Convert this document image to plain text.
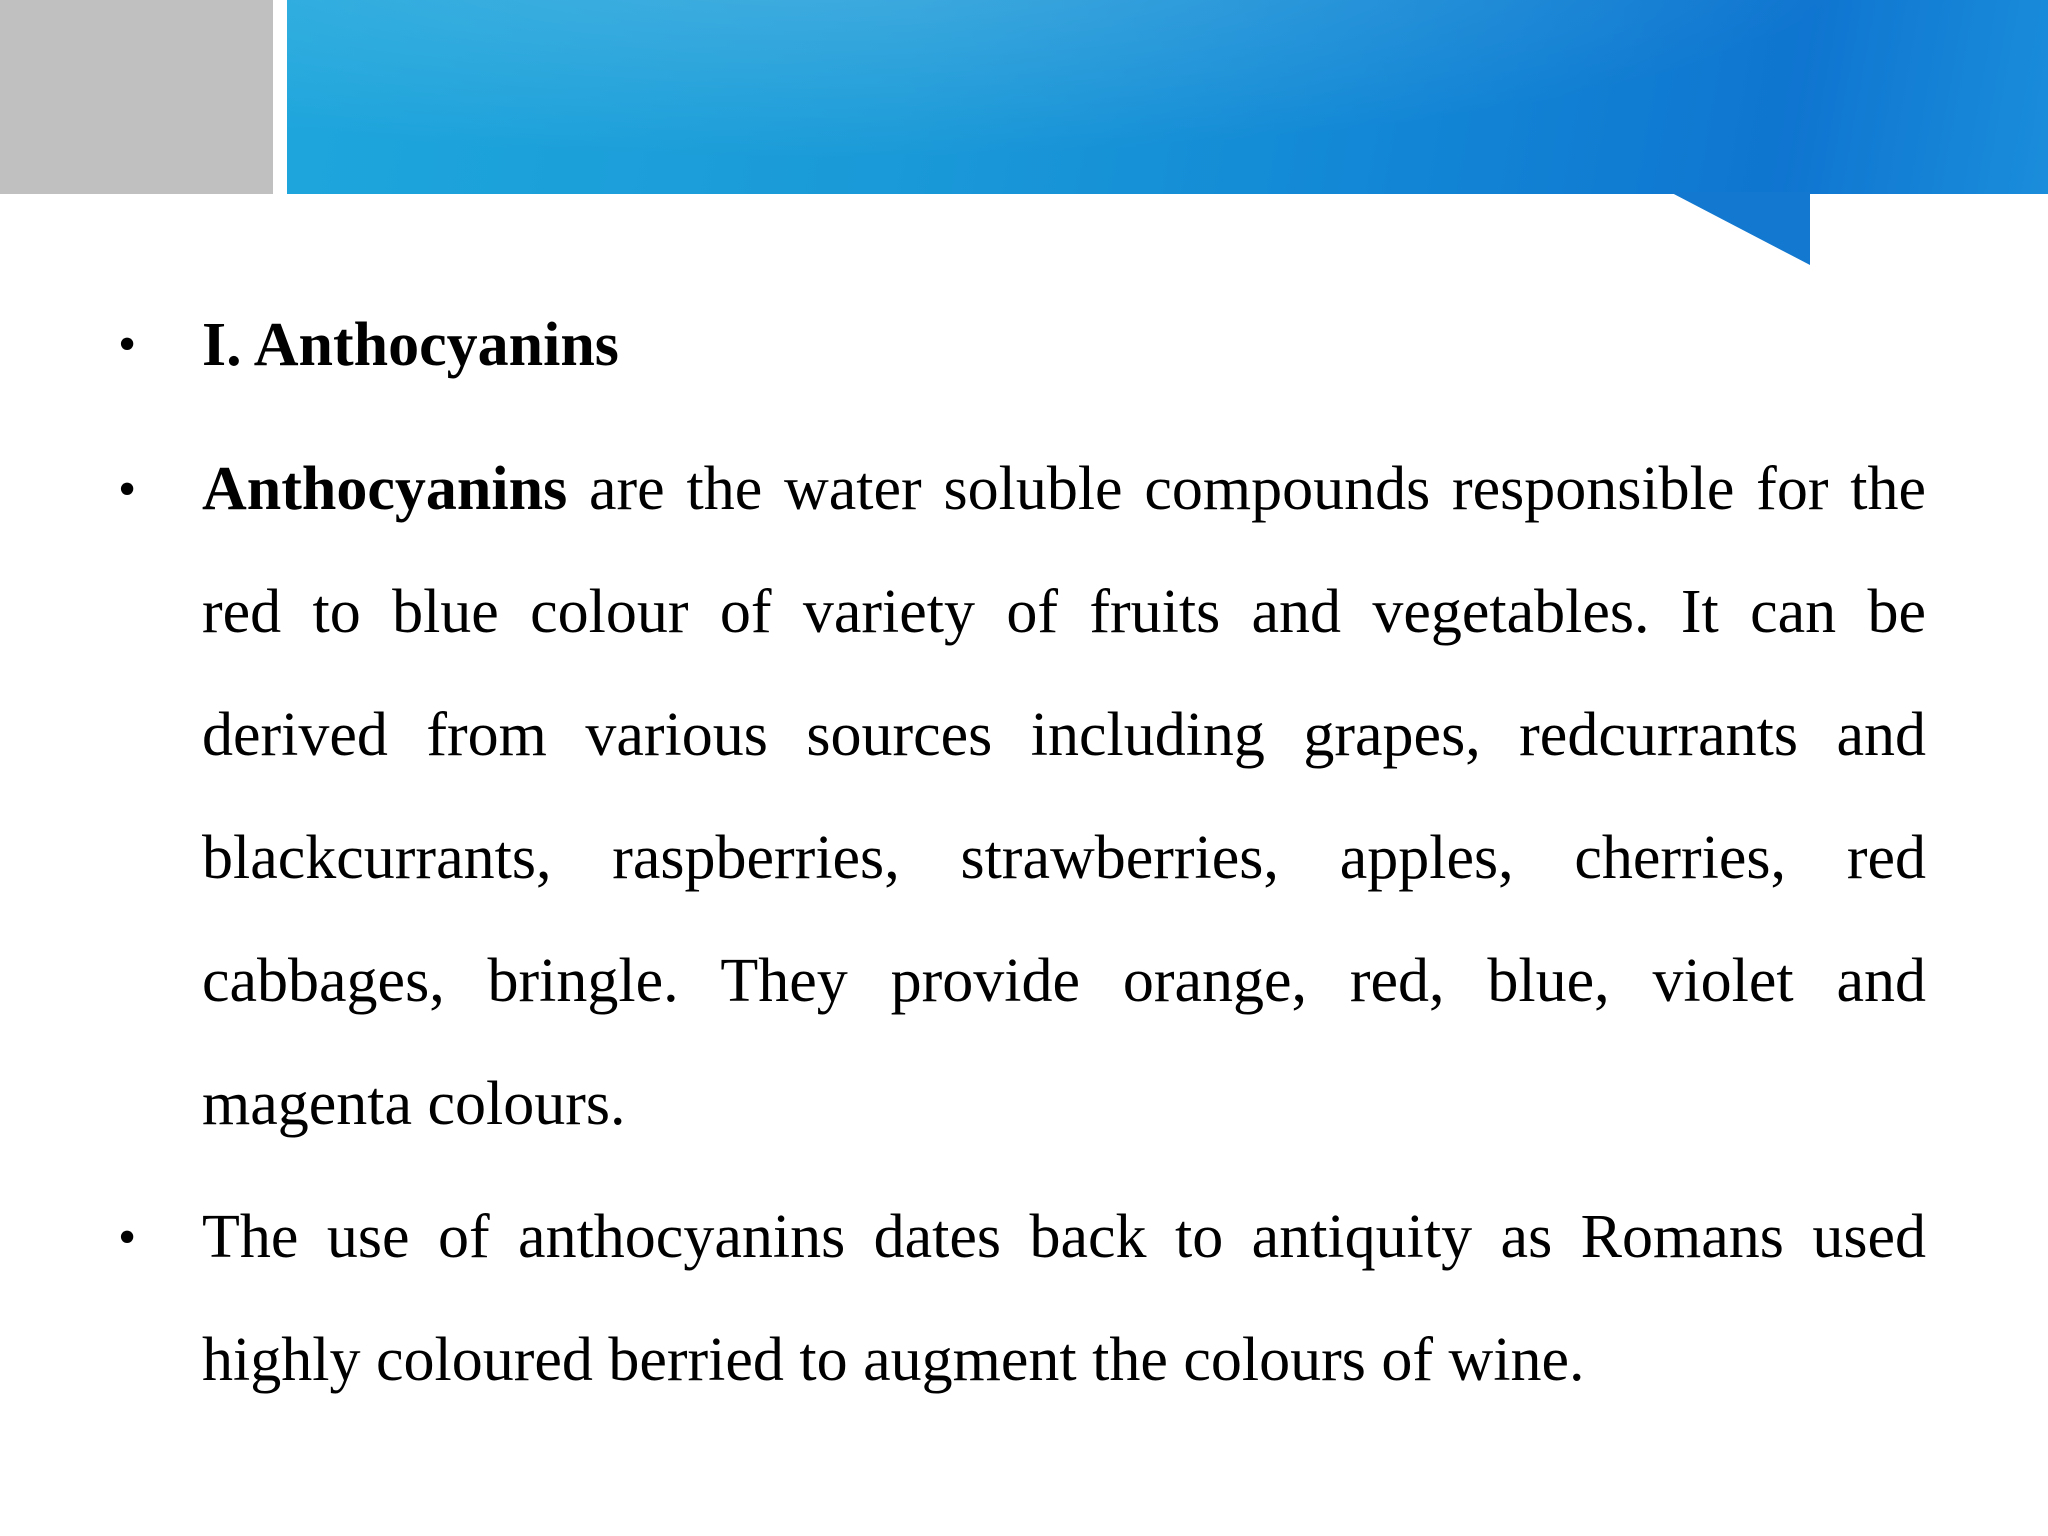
• I. Anthocyanins
• Anthocyanins are the water soluble compounds responsible for the red to blue colour of variety of fruits and vegetables. It can be derived from various sources including grapes, redcurrants and blackcurrants, raspberries, strawberries, apples, cherries, red cabbages, bringle. They provide orange, red, blue, violet and magenta colours.
• The use of anthocyanins dates back to antiquity as Romans used highly coloured berried to augment the colours of wine.
